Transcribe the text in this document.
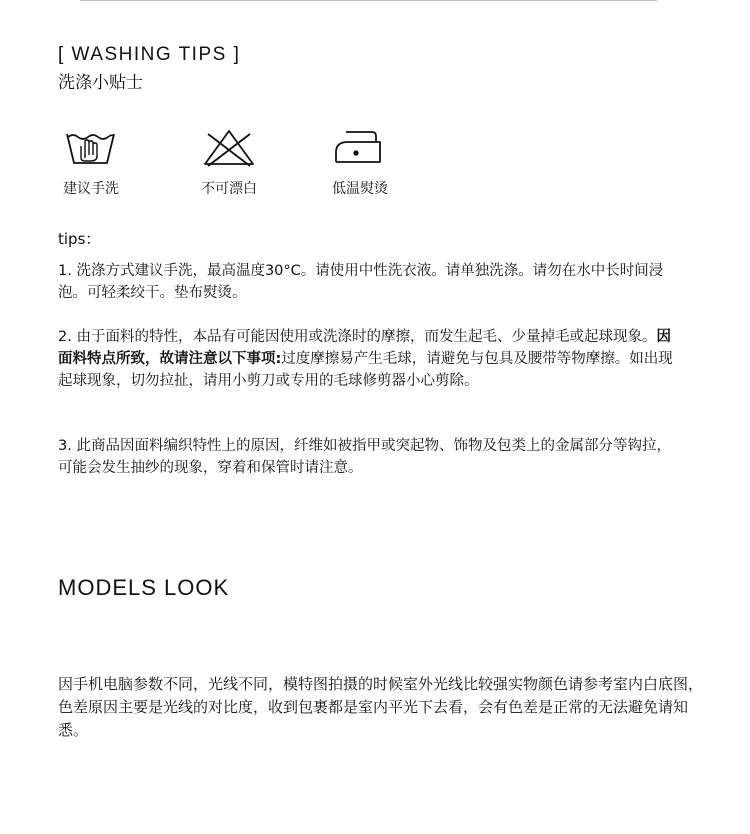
[ WASHING TIPS ]
洗涤小贴士
建议手洗	不可漂白	低温熨烫
tips：
1. 洗涤方式建议手洗，最高温度30°C。请使用中性洗衣液。请单独洗涤。请勿在水中长时间浸泡。可轻柔绞干。垫布熨烫。
2. 由于面料的特性，本品有可能因使用或洗涤时的摩擦，而发生起毛、少量掉毛或起球现象。因面料特点所致，故请注意以下事项:过度摩擦易产生毛球，请避免与包具及腰带等物摩擦。如出现起球现象，切勿拉扯，请用小剪刀或专用的毛球修剪器小心剪除。
3. 此商品因面料编织特性上的原因，纤维如被指甲或突起物、饰物及包类上的金属部分等钩拉，可能会发生抽纱的现象，穿着和保管时请注意。
MODELS LOOK
因手机电脑参数不同，光线不同，模特图拍摄的时候室外光线比较强实物颜色请参考室内白底图，色差原因主要是光线的对比度，收到包裹都是室内平光下去看，会有色差是正常的无法避免请知悉。
